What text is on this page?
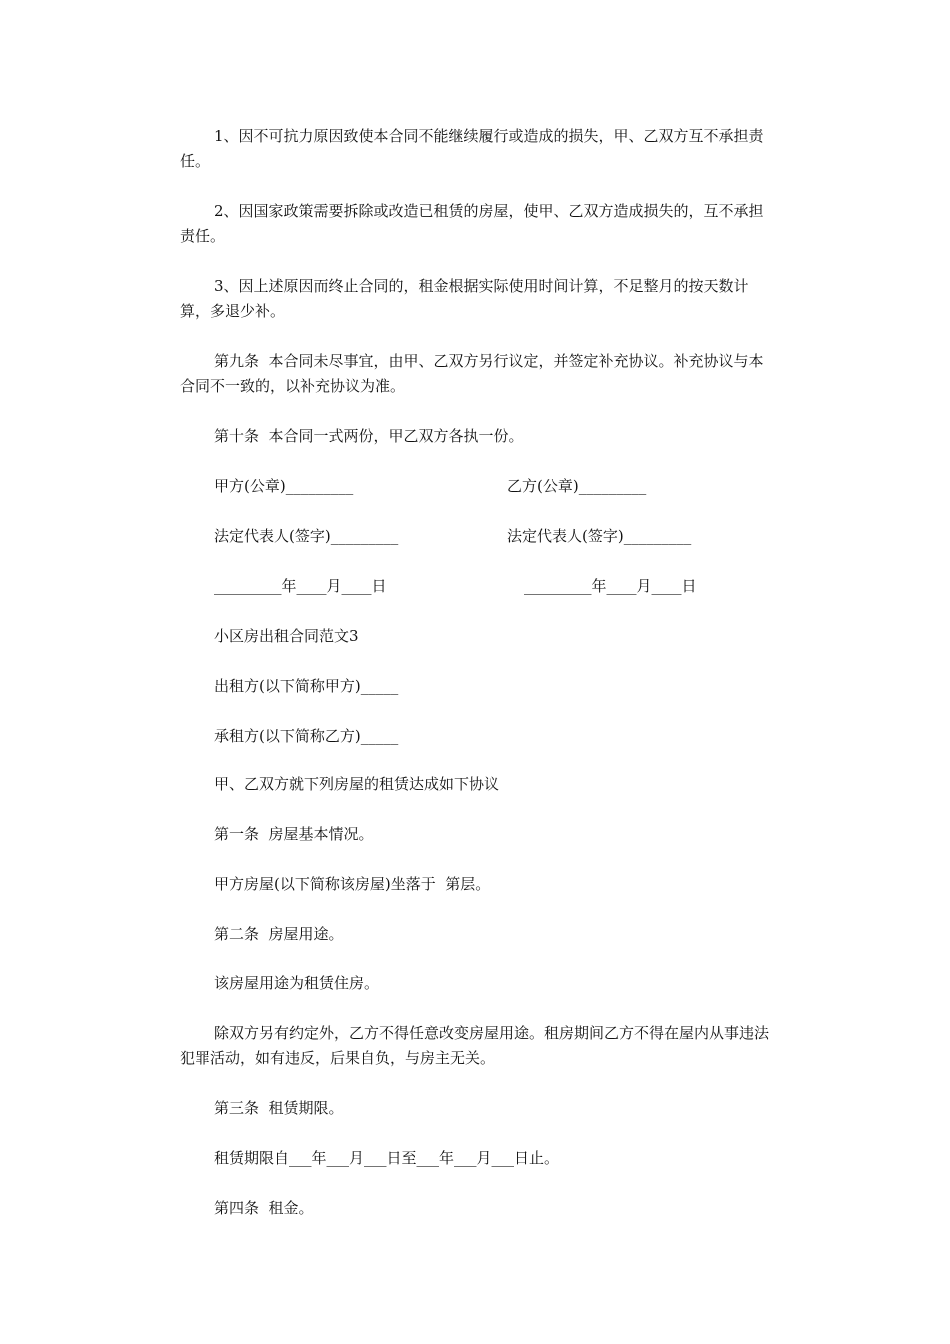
1、因不可抗力原因致使本合同不能继续履行或造成的损失，甲、乙双方互不承担责任。

2、因国家政策需要拆除或改造已租赁的房屋，使甲、乙双方造成损失的，互不承担责任。

3、因上述原因而终止合同的，租金根据实际使用时间计算，不足整月的按天数计算，多退少补。

第九条  本合同未尽事宜，由甲、乙双方另行议定，并签定补充协议。补充协议与本合同不一致的，以补充协议为准。

第十条  本合同一式两份，甲乙双方各执一份。

甲方(公章)_________	乙方(公章)_________
法定代表人(签字)_________	法定代表人(签字)_________
_________年____月____日	_________年____月____日
小区房出租合同范文3
出租方(以下简称甲方)_____
承租方(以下简称乙方)_____
甲、乙双方就下列房屋的租赁达成如下协议
第一条  房屋基本情况。
甲方房屋(以下简称该房屋)坐落于  第层。
第二条  房屋用途。
该房屋用途为租赁住房。

除双方另有约定外，乙方不得任意改变房屋用途。租房期间乙方不得在屋内从事违法犯罪活动，如有违反，后果自负，与房主无关。

第三条  租赁期限。
租赁期限自___年___月___日至___年___月___日止。
第四条  租金。
